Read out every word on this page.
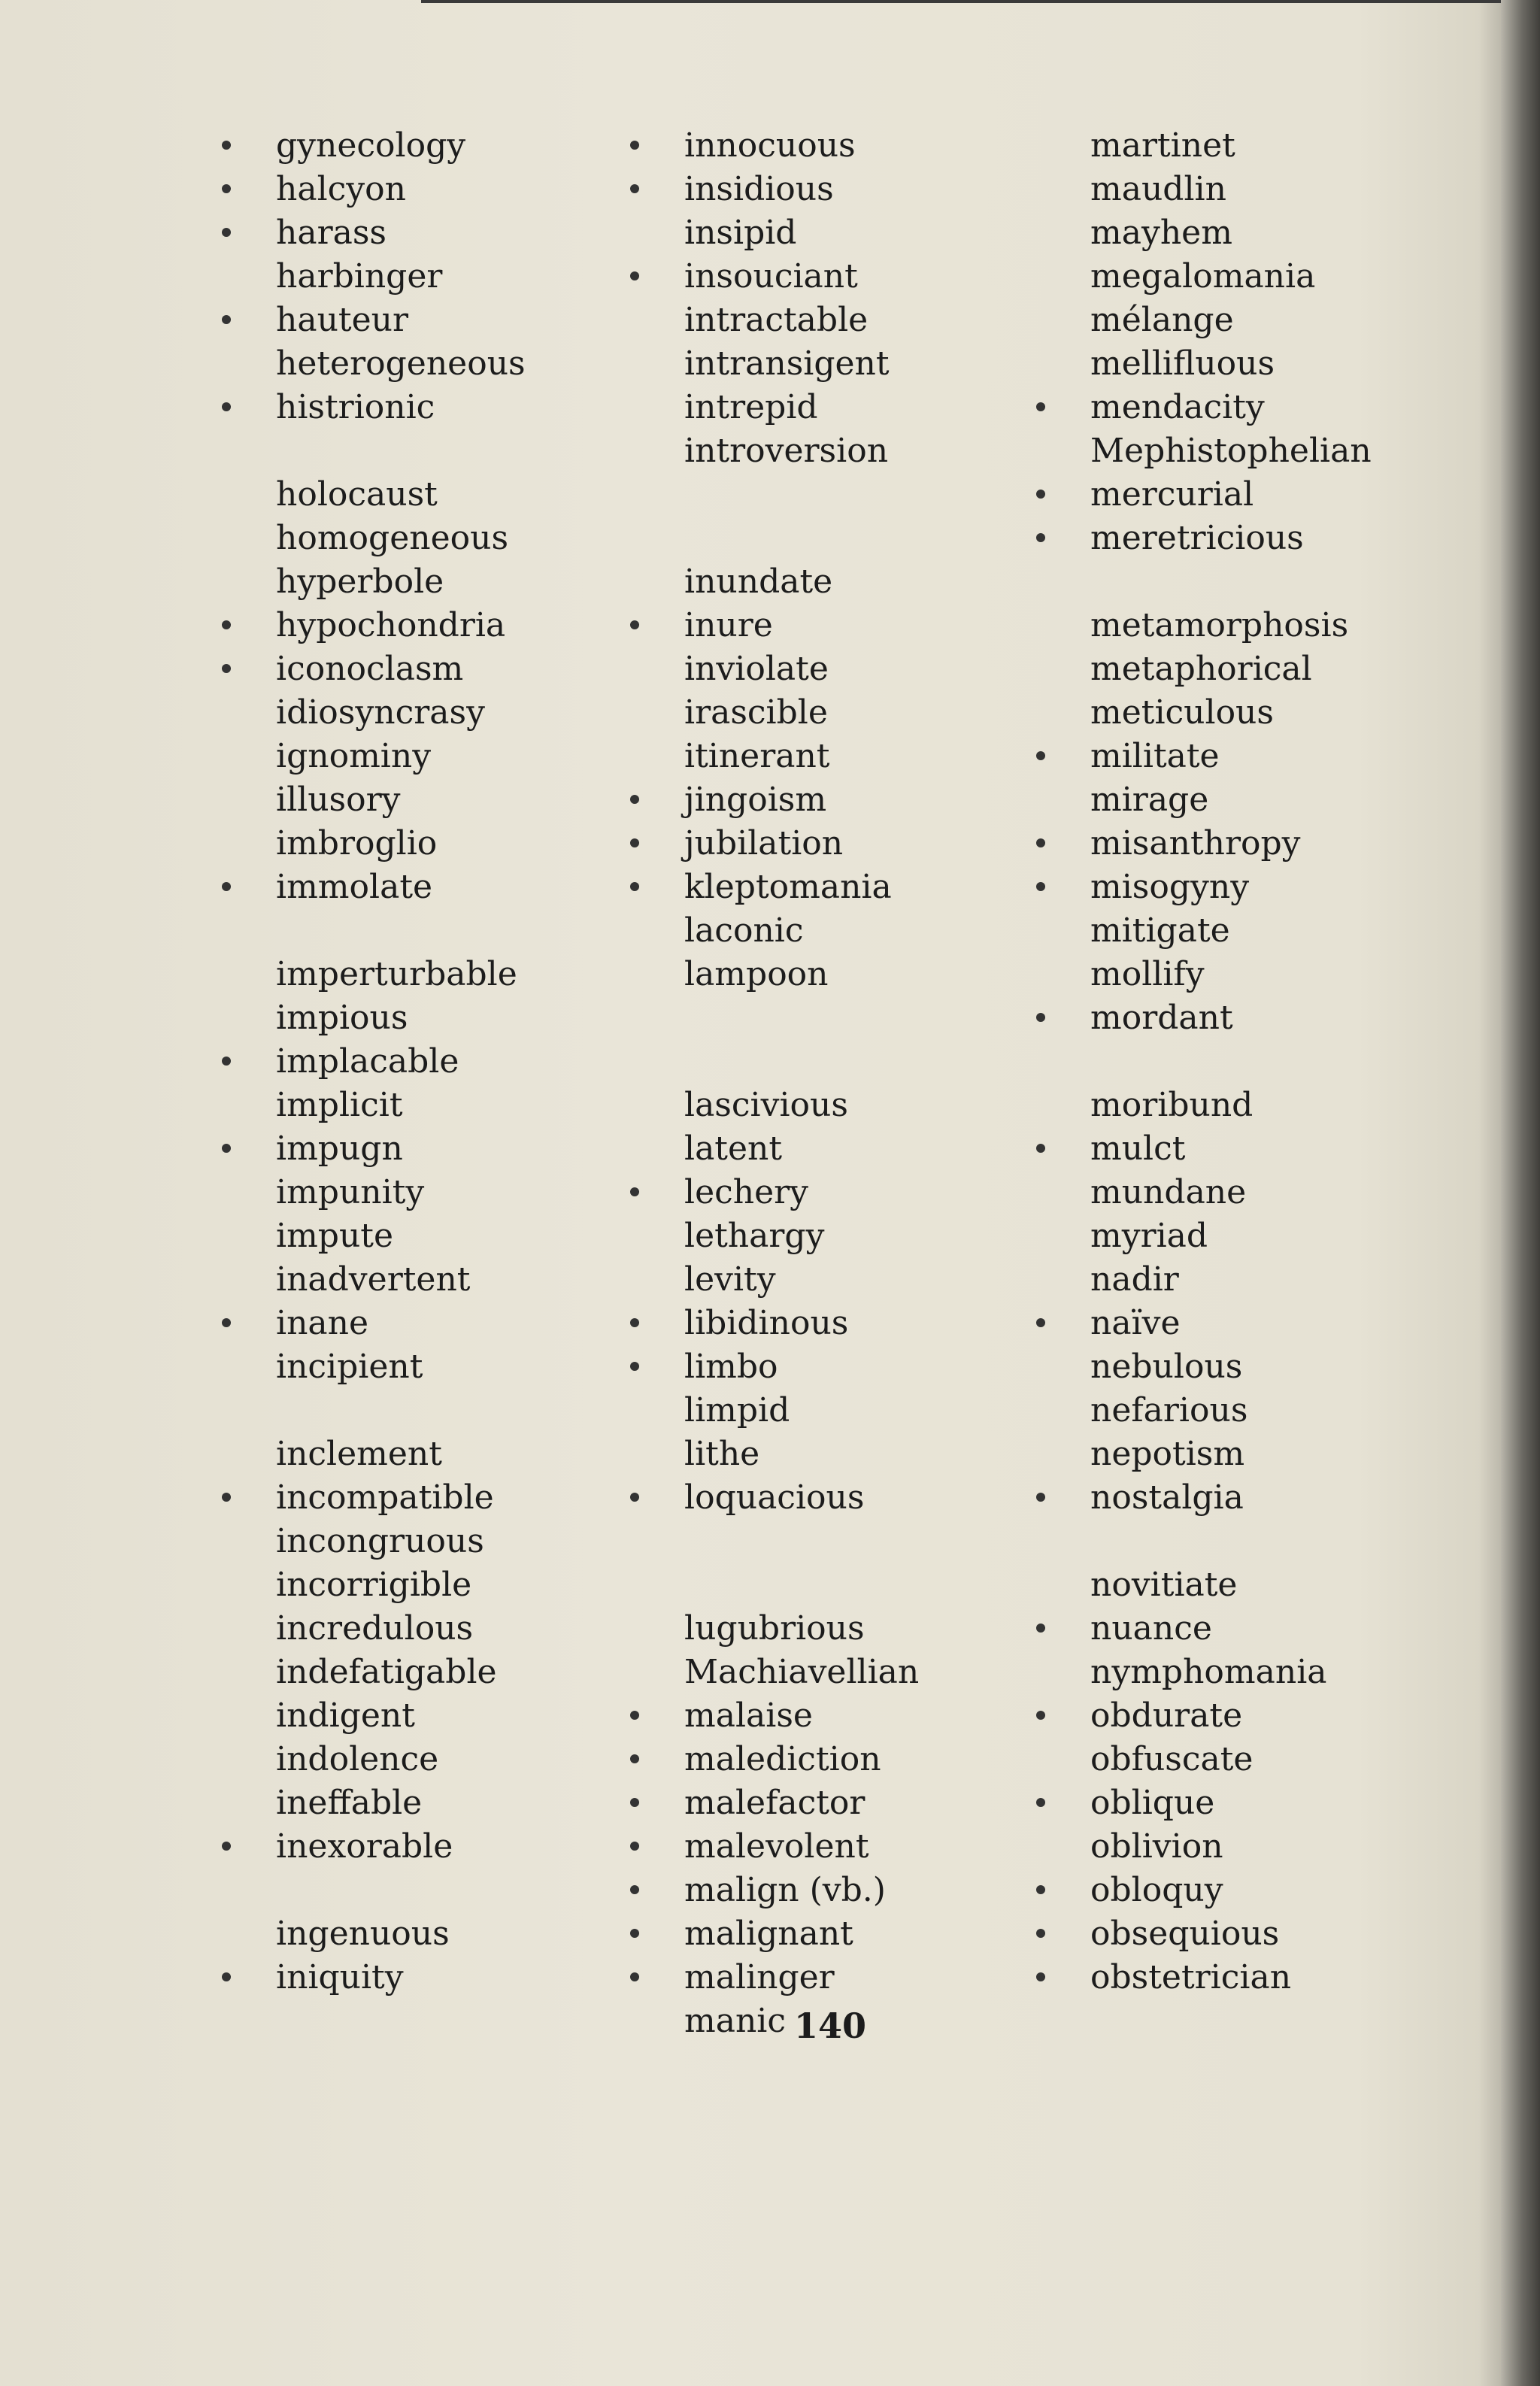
gynecology
halcyon
harass
harbinger
hauteur
heterogeneous
histrionic
holocaust
homogeneous
hyperbole
hypochondria
iconoclasm
idiosyncrasy
ignominy
illusory
imbroglio
immolate
imperturbable
impious
implacable
implicit
impugn
impunity
impute
inadvertent
inane
incipient
inclement
incompatible
incongruous
incorrigible
incredulous
indefatigable
indigent
indolence
ineffable
inexorable
ingenuous
iniquity
innocuous
insidious
insipid
insouciant
intractable
intransigent
intrepid
introversion
inundate
inure
inviolate
irascible
itinerant
jingoism
jubilation
kleptomania
laconic
lampoon
lascivious
latent
lechery
lethargy
levity
libidinous
limbo
limpid
lithe
loquacious
lugubrious
Machiavellian
malaise
malediction
malefactor
malevolent
malign (vb.)
malignant
malinger
manic
martinet
maudlin
mayhem
megalomania
mélange
mellifluous
mendacity
Mephistophelian
mercurial
meretricious
metamorphosis
metaphorical
meticulous
militate
mirage
misanthropy
misogyny
mitigate
mollify
mordant
moribund
mulct
mundane
myriad
nadir
naïve
nebulous
nefarious
nepotism
nostalgia
novitiate
nuance
nymphomania
obdurate
obfuscate
oblique
oblivion
obloquy
obsequious
obstetrician
140
